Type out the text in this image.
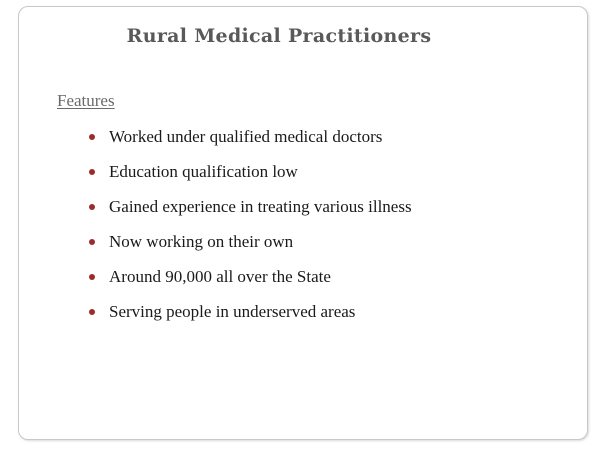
Rural Medical Practitioners
Features
Worked under qualified medical doctors
Education qualification low
Gained experience in treating various illness
Now working on their own
Around 90,000 all over the State
Serving people in underserved areas
